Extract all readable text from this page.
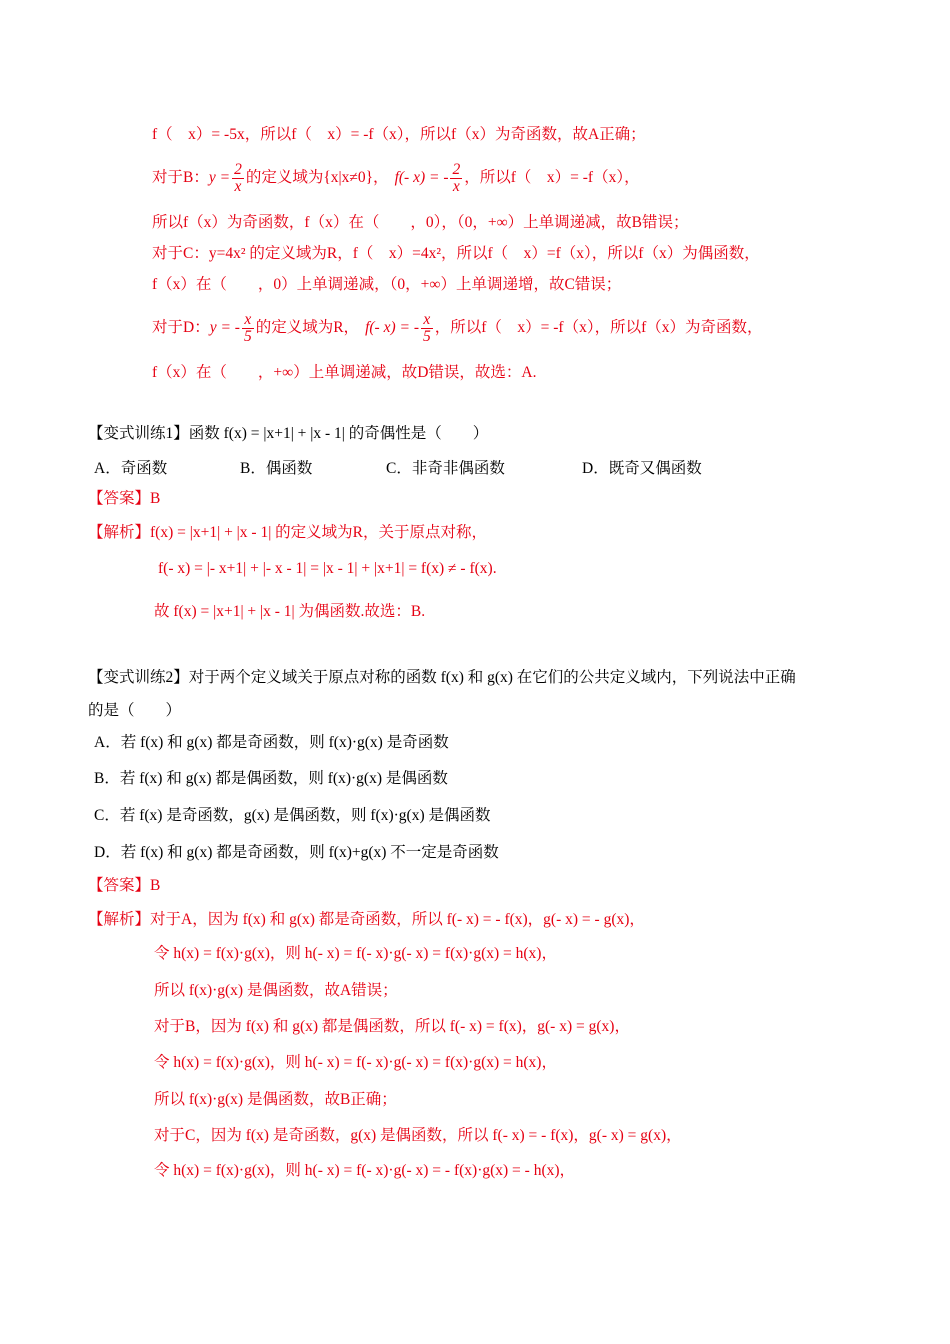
f（　x）= -5x，所以f（　x）= -f（x），所以f（x）为奇函数，故A正确；
对于B：$y = \frac{2}{x}$ 的定义域为{x|x≠0}， f(- x) = - $\frac{2}{x}$ ，所以f（　x）= -f（x），
所以f（x）为奇函数，f（x）在（　　，0），（0，+∞）上单调递减，故B错误；
对于C：y=4x² 的定义域为R，f（　x）=4x²，所以f（　x）=f（x），所以f（x）为偶函数，
f（x）在（　　，0）上单调递减，（0，+∞）上单调递增，故C错误；
对于D：y = - $\frac{x}{5}$ 的定义域为R， f(- x) = - $\frac{x}{5}$ ，所以f（　x）= -f（x），所以f（x）为奇函数，
f（x）在（　　，+∞）上单调递减，故D错误，故选：A.
【变式训练1】函数 f(x) = |x+1| + |x - 1| 的奇偶性是（　　）
A．奇函数	B．偶函数	C．非奇非偶函数	D．既奇又偶函数
【答案】B
【解析】f(x) = |x+1| + |x - 1| 的定义域为R，关于原点对称，
f(- x) = |- x+1| + |- x - 1| = |x - 1| + |x+1| = f(x) ≠ - f(x).
故 f(x) = |x+1| + |x - 1| 为偶函数.故选：B.
【变式训练2】对于两个定义域关于原点对称的函数 f(x) 和 g(x) 在它们的公共定义域内，下列说法中正确
的是（　　）
A．若 f(x) 和 g(x) 都是奇函数，则 f(x)·g(x) 是奇函数
B．若 f(x) 和 g(x) 都是偶函数，则 f(x)·g(x) 是偶函数
C．若 f(x) 是奇函数，g(x) 是偶函数，则 f(x)·g(x) 是偶函数
D．若 f(x) 和 g(x) 都是奇函数，则 f(x)+g(x) 不一定是奇函数
【答案】B
【解析】对于A，因为 f(x) 和 g(x) 都是奇函数，所以 f(- x) = - f(x)，g(- x) = - g(x)，
令 h(x) = f(x)·g(x)，则 h(- x) = f(- x)·g(- x) = f(x)·g(x) = h(x)，
所以 f(x)·g(x) 是偶函数，故A错误；
对于B，因为 f(x) 和 g(x) 都是偶函数，所以 f(- x) = f(x)，g(- x) = g(x)，
令 h(x) = f(x)·g(x)，则 h(- x) = f(- x)·g(- x) = f(x)·g(x) = h(x)，
所以 f(x)·g(x) 是偶函数，故B正确；
对于C，因为 f(x) 是奇函数，g(x) 是偶函数，所以 f(- x) = - f(x)，g(- x) = g(x)，
令 h(x) = f(x)·g(x)，则 h(- x) = f(- x)·g(- x) = - f(x)·g(x) = - h(x)，
